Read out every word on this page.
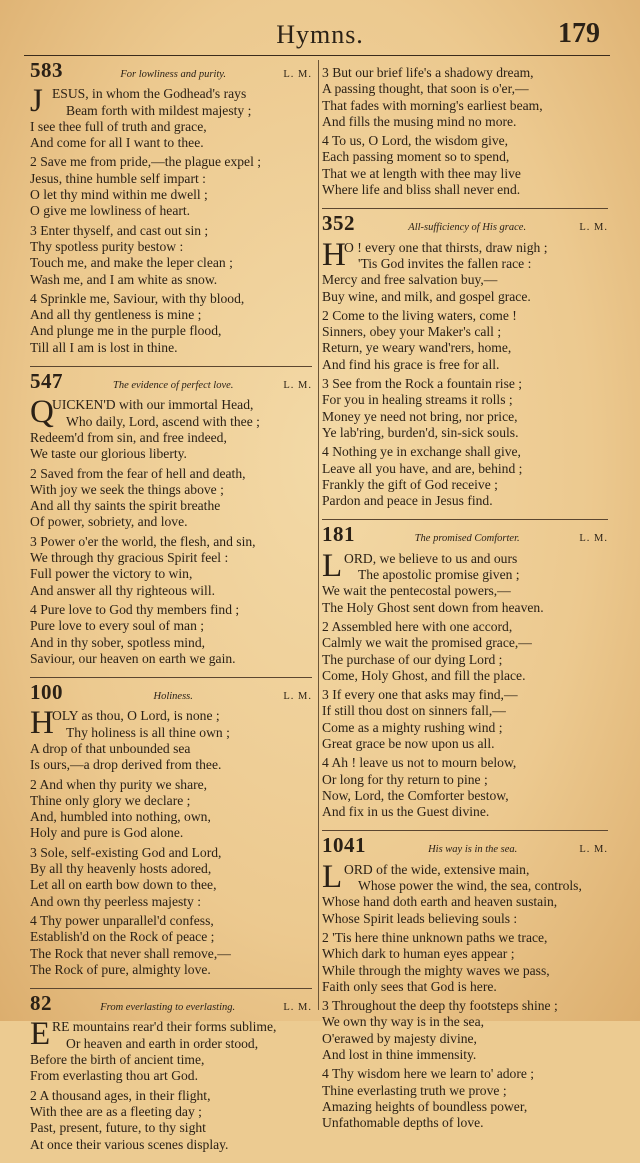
Hymns.	179
583	For lowliness and purity.	L. M.
J ESUS, in whom the Godhead's rays
Beam forth with mildest majesty ;
I see thee full of truth and grace,
And come for all I want to thee.
2 Save me from pride,—the plague expel ;
Jesus, thine humble self impart :
O let thy mind within me dwell ;
O give me lowliness of heart.
3 Enter thyself, and cast out sin ;
Thy spotless purity bestow :
Touch me, and make the leper clean ;
Wash me, and I am white as snow.
4 Sprinkle me, Saviour, with thy blood,
And all thy gentleness is mine ;
And plunge me in the purple flood,
Till all I am is lost in thine.
547	The evidence of perfect love.	L. M.
Q
UICKEN'D with our immortal Head,
Who daily, Lord, ascend with thee ;
Redeem'd from sin, and free indeed,
We taste our glorious liberty.
2 Saved from the fear of hell and death,
With joy we seek the things above ;
And all thy saints the spirit breathe
Of power, sobriety, and love.
3 Power o'er the world, the flesh, and sin,
We through thy gracious Spirit feel :
Full power the victory to win,
And answer all thy righteous will.
4 Pure love to God thy members find ;
Pure love to every soul of man ;
And in thy sober, spotless mind,
Saviour, our heaven on earth we gain.
100	Holiness.	L. M.
H
OLY as thou, O Lord, is none ;
Thy holiness is all thine own ;
A drop of that unbounded sea
Is ours,—a drop derived from thee.
2 And when thy purity we share,
Thine only glory we declare ;
And, humbled into nothing, own,
Holy and pure is God alone.
3 Sole, self-existing God and Lord,
By all thy heavenly hosts adored,
Let all on earth bow down to thee,
And own thy peerless majesty :
4 Thy power unparallel'd confess,
Establish'd on the Rock of peace ;
The Rock that never shall remove,—
The Rock of pure, almighty love.
82	From everlasting to everlasting.	L. M.
E RE mountains rear'd their forms sublime,
Or heaven and earth in order stood,
Before the birth of ancient time,
From everlasting thou art God.
2 A thousand ages, in their flight,
With thee are as a fleeting day ;
Past, present, future, to thy sight
At once their various scenes display.
3 But our brief life's a shadowy dream,
A passing thought, that soon is o'er,—
That fades with morning's earliest beam,
And fills the musing mind no more.
4 To us, O Lord, the wisdom give,
Each passing moment so to spend,
That we at length with thee may live
Where life and bliss shall never end.
352	All-sufficiency of His grace.	L. M.
H
O ! every one that thirsts, draw nigh ;
'Tis God invites the fallen race :
Mercy and free salvation buy,—
Buy wine, and milk, and gospel grace.
2 Come to the living waters, come !
Sinners, obey your Maker's call ;
Return, ye weary wand'rers, home,
And find his grace is free for all.
3 See from the Rock a fountain rise ;
For you in healing streams it rolls ;
Money ye need not bring, nor price,
Ye lab'ring, burden'd, sin-sick souls.
4 Nothing ye in exchange shall give,
Leave all you have, and are, behind ;
Frankly the gift of God receive ;
Pardon and peace in Jesus find.
181	The promised Comforter.	L. M.
L ORD, we believe to us and ours
The apostolic promise given ;
We wait the pentecostal powers,—
The Holy Ghost sent down from heaven.
2 Assembled here with one accord,
Calmly we wait the promised grace,—
The purchase of our dying Lord ;
Come, Holy Ghost, and fill the place.
3 If every one that asks may find,—
If still thou dost on sinners fall,—
Come as a mighty rushing wind ;
Great grace be now upon us all.
4 Ah ! leave us not to mourn below,
Or long for thy return to pine ;
Now, Lord, the Comforter bestow,
And fix in us the Guest divine.
1041	His way is in the sea.	L. M.
L ORD of the wide, extensive main,
Whose power the wind, the sea, controls,
Whose hand doth earth and heaven sustain,
Whose Spirit leads believing souls :
2 'Tis here thine unknown paths we trace,
Which dark to human eyes appear ;
While through the mighty waves we pass,
Faith only sees that God is here.
3 Throughout the deep thy footsteps shine ;
We own thy way is in the sea,
O'erawed by majesty divine,
And lost in thine immensity.
4 Thy wisdom here we learn to' adore ;
Thine everlasting truth we prove ;
Amazing heights of boundless power,
Unfathomable depths of love.
